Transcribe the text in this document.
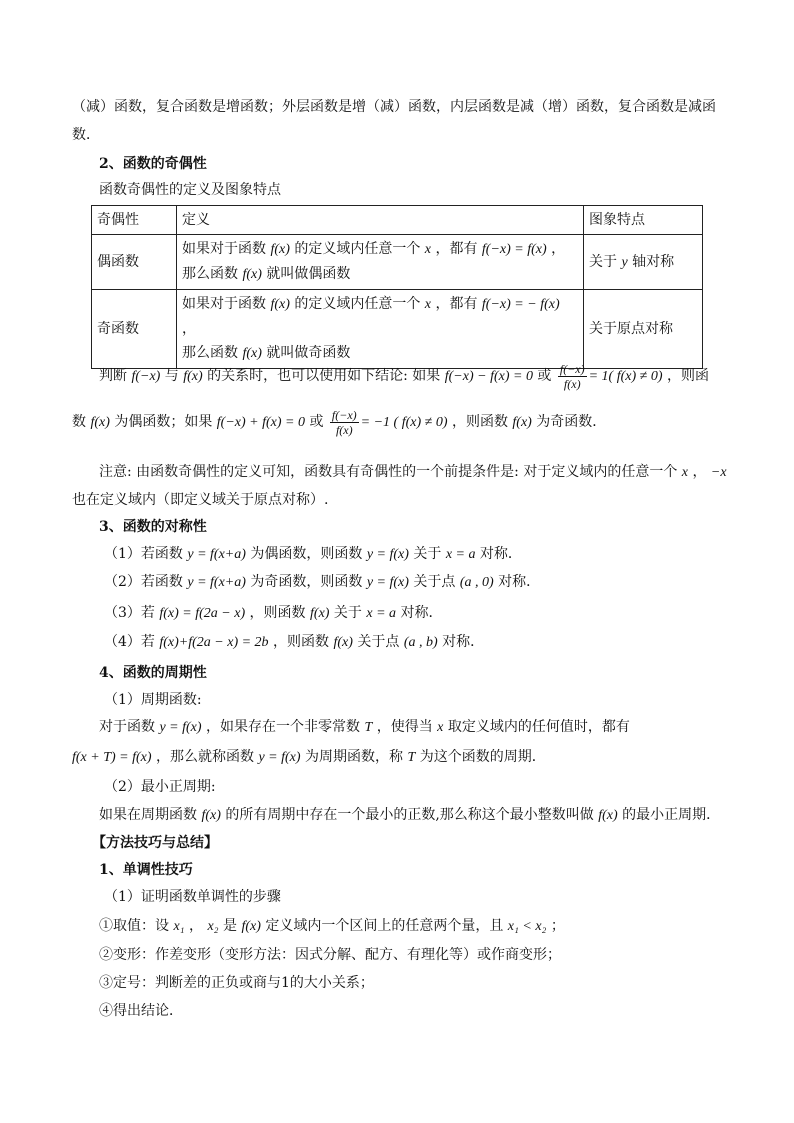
（减）函数，复合函数是增函数；外层函数是增（减）函数，内层函数是减（增）函数，复合函数是减函
数．
2、函数的奇偶性
函数奇偶性的定义及图象特点
奇偶性	定义	图象特点
偶函数	如果对于函数 f(x) 的定义域内任意一个 x ，都有 f(−x) = f(x) ，
那么函数 f(x) 就叫做偶函数	关于 y 轴对称
奇函数	如果对于函数 f(x) 的定义域内任意一个 x ，都有 f(−x) = − f(x) ，
那么函数 f(x) 就叫做奇函数	关于原点对称
判断 f(−x) 与 f(x) 的关系时，也可以使用如下结论: 如果 f(−x) − f(x) = 0 或 $\frac{f(-x)}{f(x)} = 1$( f(x) ≠ 0) ，则函
数 f(x) 为偶函数；如果 f(−x) + f(x) = 0 或 $\frac{f(-x)}{f(x)} = -1$ ( f(x) ≠ 0) ，则函数 f(x) 为奇函数．
注意: 由函数奇偶性的定义可知，函数具有奇偶性的一个前提条件是: 对于定义域内的任意一个 x ， −x
也在定义域内（即定义域关于原点对称）.
3、函数的对称性
（1）若函数 y = f(x+a) 为偶函数，则函数 y = f(x) 关于 x = a 对称．
（2）若函数 y = f(x+a) 为奇函数，则函数 y = f(x) 关于点 (a , 0) 对称．
（3）若 f(x) = f(2a − x) ，则函数 f(x) 关于 x = a 对称．
（4）若 f(x)+f(2a − x) = 2b ，则函数 f(x) 关于点 (a , b) 对称．
4、函数的周期性
（1）周期函数:
对于函数 y = f(x) ，如果存在一个非零常数 T ，使得当 x 取定义域内的任何值时，都有
f(x + T) = f(x) ，那么就称函数 y = f(x) 为周期函数，称 T 为这个函数的周期．
（2）最小正周期:
如果在周期函数 f(x) 的所有周期中存在一个最小的正数,那么称这个最小整数叫做 f(x) 的最小正周期．
【方法技巧与总结】
1、单调性技巧
（1）证明函数单调性的步骤
①取值：设 x₁ ， x₂ 是 f(x) 定义域内一个区间上的任意两个量，且 x₁ < x₂ ；
②变形：作差变形（变形方法：因式分解、配方、有理化等）或作商变形；
③定号：判断差的正负或商与1的大小关系；
④得出结论．
